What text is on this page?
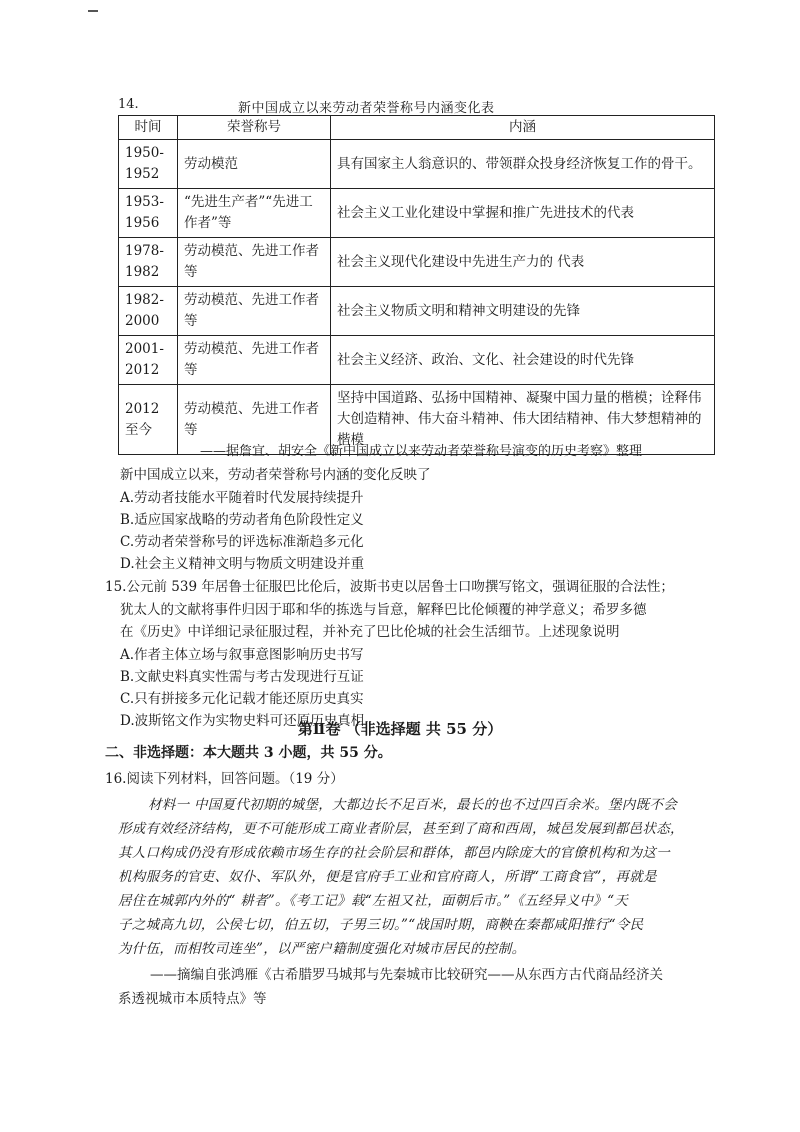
14.	新中国成立以来劳动者荣誉称号内涵变化表
时间	荣誉称号	内涵
1950-1952	劳动模范	具有国家主人翁意识的、带领群众投身经济恢复工作的骨干。
1953-1956	“先进生产者”“先进工作者”等	社会主义工业化建设中掌握和推广先进技术的代表
1978-1982	劳动模范、先进工作者等	社会主义现代化建设中先进生产力的 代表
1982-2000	劳动模范、先进工作者等	社会主义物质文明和精神文明建设的先锋
2001-2012	劳动模范、先进工作者等	社会主义经济、政治、文化、社会建设的时代先锋
2012至今	劳动模范、先进工作者等	坚持中国道路、弘扬中国精神、凝聚中国力量的楷模；诠释伟大创造精神、伟大奋斗精神、伟大团结精神、伟大梦想精神的楷模
——据詹宜、胡安全《新中国成立以来劳动者荣誉称号演变的历史考察》整理
新中国成立以来，劳动者荣誉称号内涵的变化反映了
A.劳动者技能水平随着时代发展持续提升
B.适应国家战略的劳动者角色阶段性定义
C.劳动者荣誉称号的评选标准渐趋多元化
D.社会主义精神文明与物质文明建设并重
15.公元前 539 年居鲁士征服巴比伦后，波斯书吏以居鲁士口吻撰写铭文，强调征服的合法性；
犹太人的文献将事件归因于耶和华的拣选与旨意，解释巴比伦倾覆的神学意义；希罗多德
在《历史》中详细记录征服过程，并补充了巴比伦城的社会生活细节。上述现象说明
A.作者主体立场与叙事意图影响历史书写
B.文献史料真实性需与考古发现进行互证
C.只有拼接多元化记载才能还原历史真实
D.波斯铭文作为实物史料可还原历史真相
第Ⅱ卷 （非选择题 共 55 分）
二、非选择题：本大题共 3 小题，共 55 分。
16.阅读下列材料，回答问题。（19 分）
材料一 中国夏代初期的城堡，大都边长不足百米，最长的也不过四百余米。堡内既不会
形成有效经济结构，更不可能形成工商业者阶层，甚至到了商和西周，城邑发展到都邑状态，
其人口构成仍没有形成依赖市场生存的社会阶层和群体，都邑内除庞大的官僚机构和为这一
机构服务的官吏、奴仆、军队外，便是官府手工业和官府商人，所谓“工商食官”，再就是
居住在城郭内外的“ 耕者”。《考工记》载“左祖又社，面朝后市。”《五经异义中》“天
子之城高九切，公侯七切，伯五切，子男三切。”“战国时期，商鞅在秦都咸阳推行“令民
为什伍，而相牧司连坐”，以严密户籍制度强化对城市居民的控制。
——摘编自张鸿雁《古希腊罗马城邦与先秦城市比较研究——从东西方古代商品经济关
系透视城市本质特点》等
